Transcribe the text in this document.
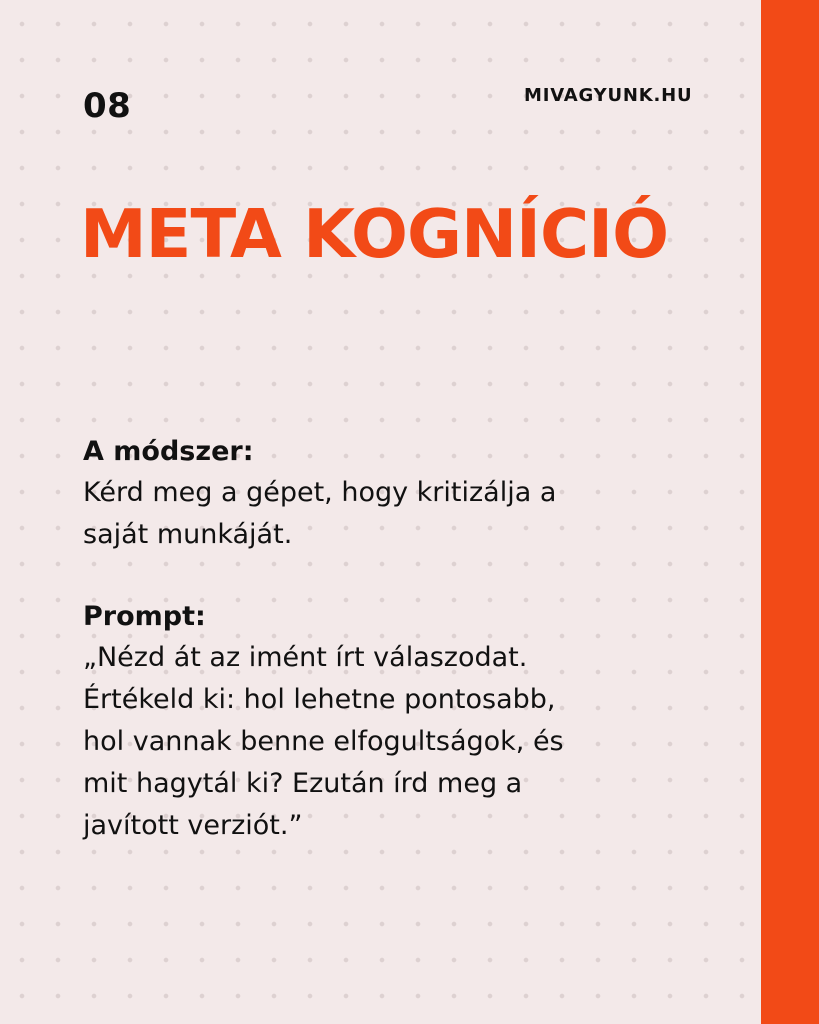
08	MIVAGYUNK.HU
META KOGNÍCIÓ
A módszer:
Kérd meg a gépet, hogy kritizálja a
saját munkáját.
Prompt:
„Nézd át az imént írt válaszodat.
Értékeld ki: hol lehetne pontosabb,
hol vannak benne elfogultságok, és
mit hagytál ki? Ezután írd meg a
javított verziót.”
